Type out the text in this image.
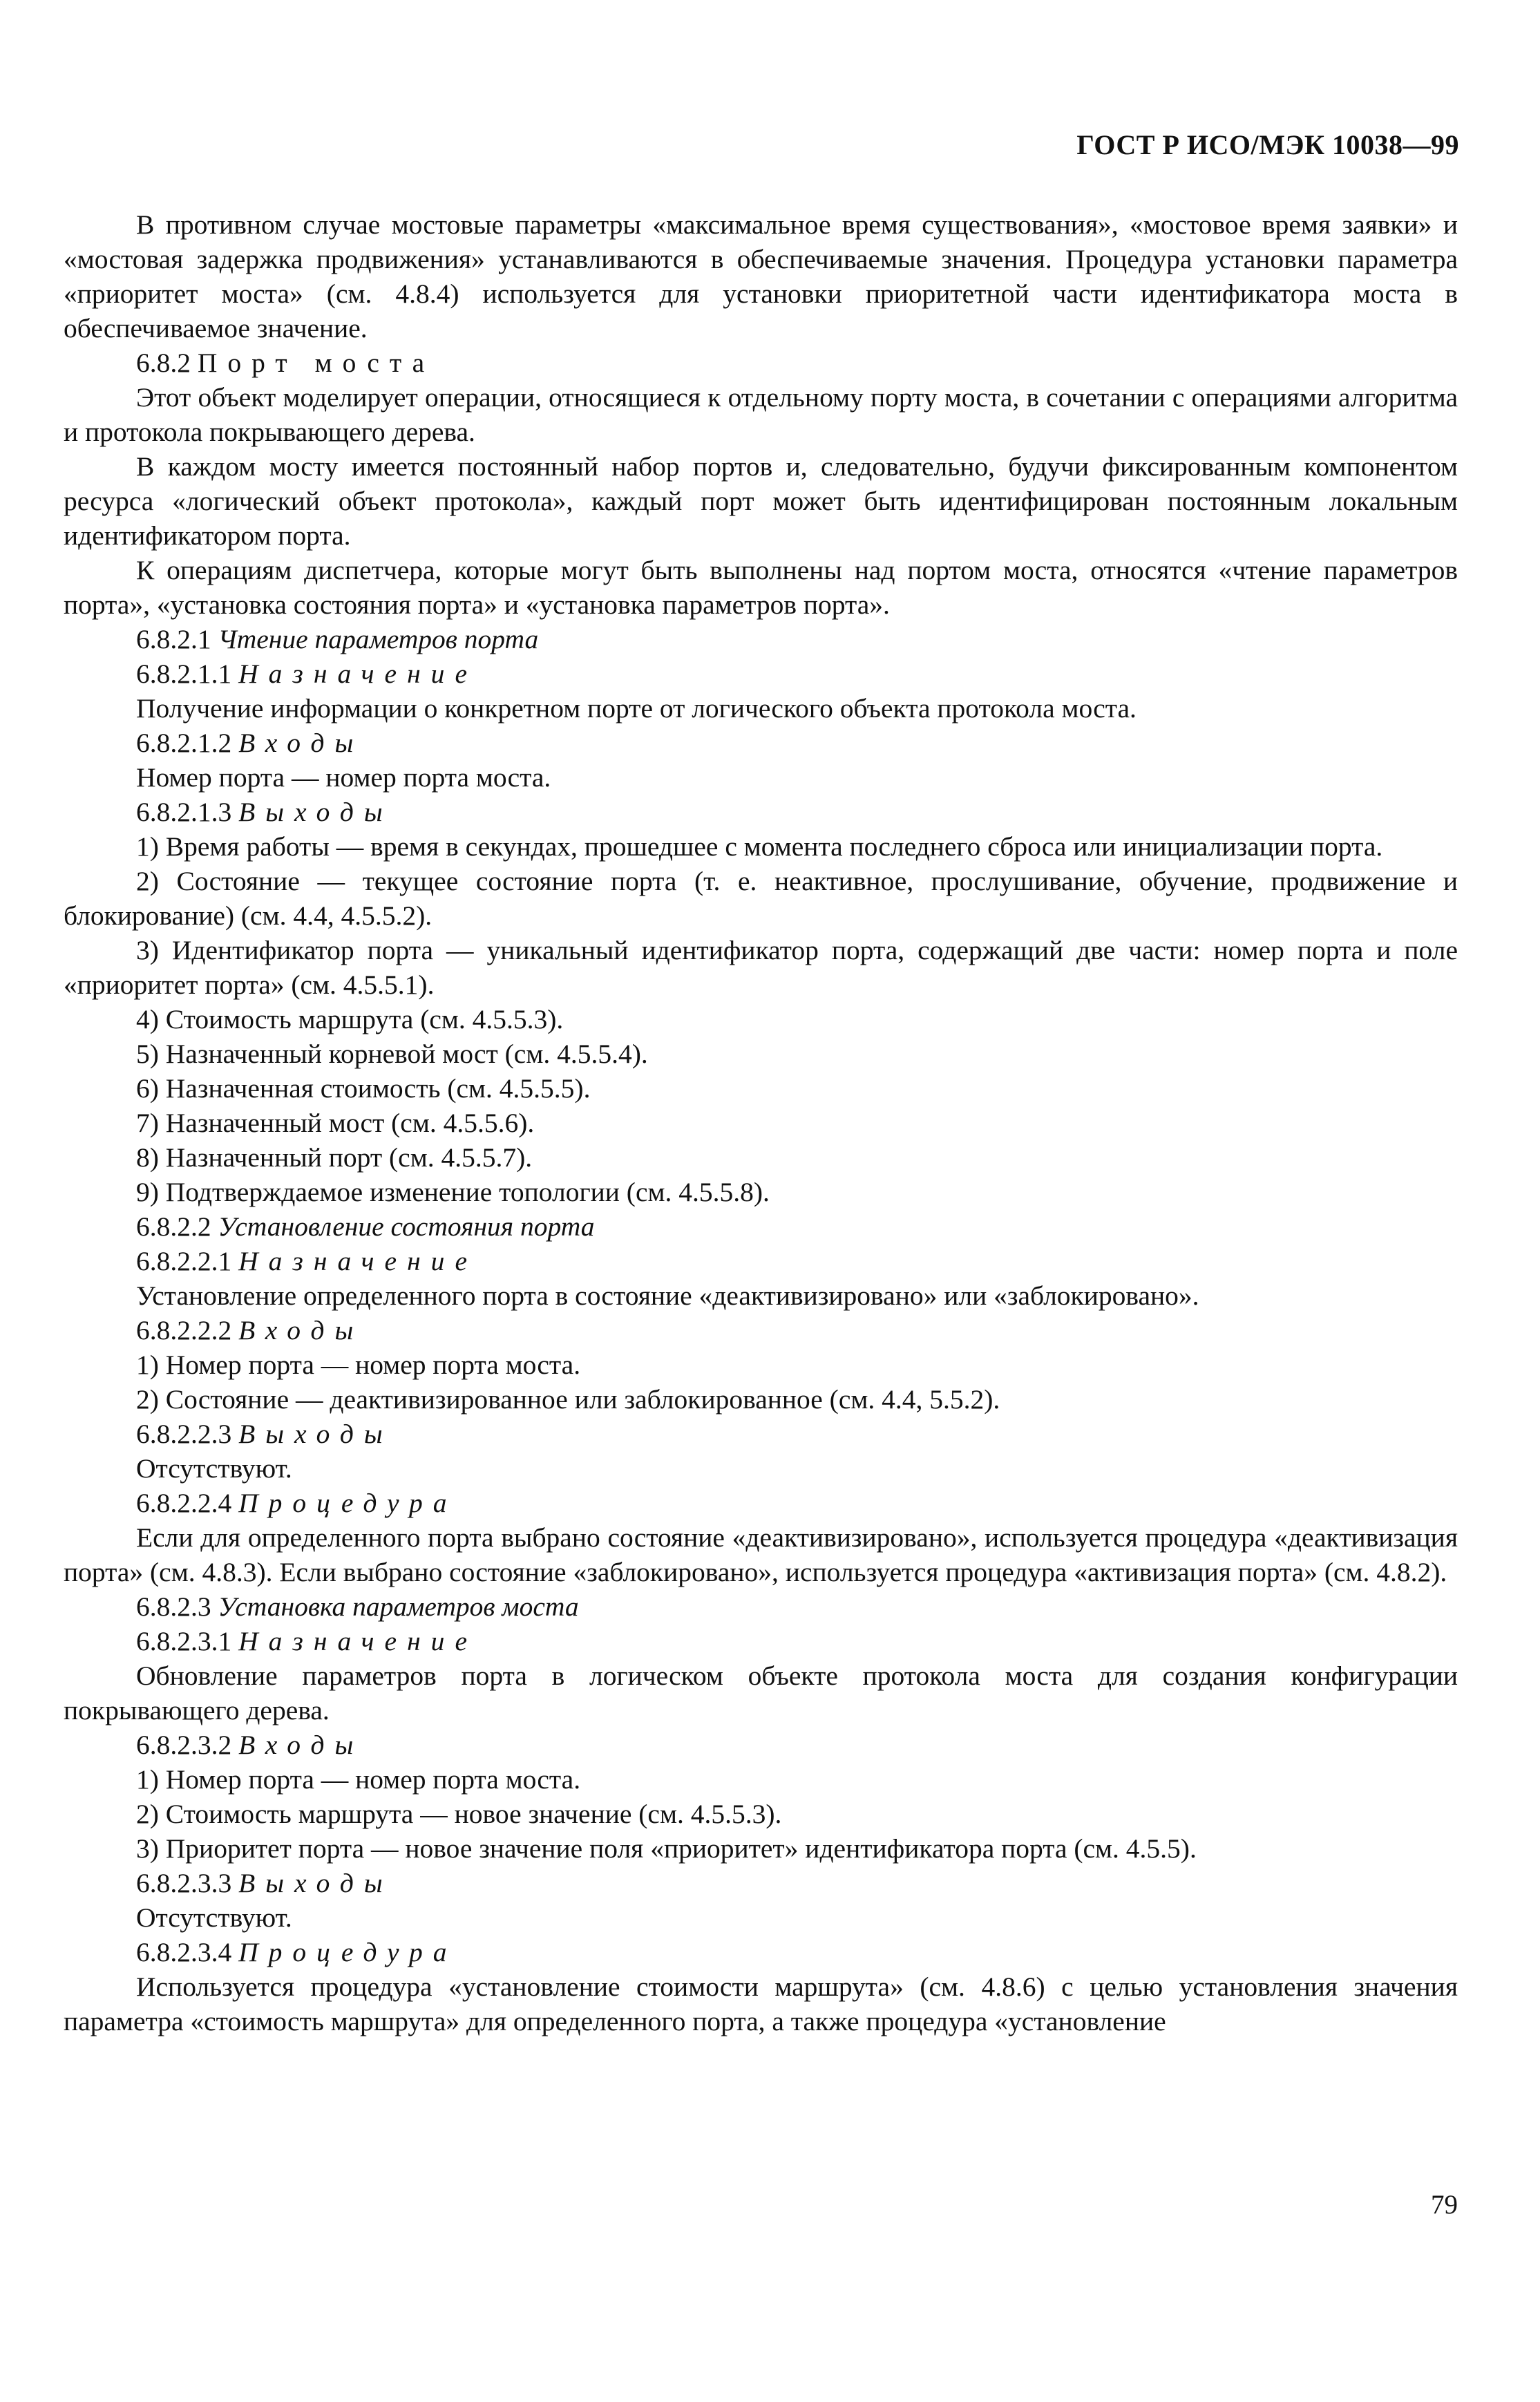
ГОСТ Р ИСО/МЭК 10038—99

В противном случае мостовые параметры «максимальное время существования», «мостовое время заявки» и «мостовая задержка продвижения» устанавливаются в обеспечиваемые значения. Процедура установки параметра «приоритет моста» (см. 4.8.4) используется для установки приоритетной части идентификатора моста в обеспечиваемое значение.

6.8.2 Порт моста

Этот объект моделирует операции, относящиеся к отдельному порту моста, в сочетании с операциями алгоритма и протокола покрывающего дерева.

В каждом мосту имеется постоянный набор портов и, следовательно, будучи фиксированным компонентом ресурса «логический объект протокола», каждый порт может быть идентифицирован постоянным локальным идентификатором порта.

К операциям диспетчера, которые могут быть выполнены над портом моста, относятся «чтение параметров порта», «установка состояния порта» и «установка параметров порта».

6.8.2.1 Чтение параметров порта

6.8.2.1.1 Назначение

Получение информации о конкретном порте от логического объекта протокола моста.

6.8.2.1.2 Входы

Номер порта — номер порта моста.

6.8.2.1.3 Выходы

1) Время работы — время в секундах, прошедшее с момента последнего сброса или инициализации порта.

2) Состояние — текущее состояние порта (т. е. неактивное, прослушивание, обучение, продвижение и блокирование) (см. 4.4, 4.5.5.2).

3) Идентификатор порта — уникальный идентификатор порта, содержащий две части: номер порта и поле «приоритет порта» (см. 4.5.5.1).

4) Стоимость маршрута (см. 4.5.5.3).

5) Назначенный корневой мост (см. 4.5.5.4).

6) Назначенная стоимость (см. 4.5.5.5).

7) Назначенный мост (см. 4.5.5.6).

8) Назначенный порт (см. 4.5.5.7).

9) Подтверждаемое изменение топологии (см. 4.5.5.8).

6.8.2.2 Установление состояния порта

6.8.2.2.1 Назначение

Установление определенного порта в состояние «деактивизировано» или «заблокировано».

6.8.2.2.2 Входы

1) Номер порта — номер порта моста.

2) Состояние — деактивизированное или заблокированное (см. 4.4, 5.5.2).

6.8.2.2.3 Выходы

Отсутствуют.

6.8.2.2.4 Процедура

Если для определенного порта выбрано состояние «деактивизировано», используется процедура «деактивизация порта» (см. 4.8.3). Если выбрано состояние «заблокировано», используется процедура «активизация порта» (см. 4.8.2).

6.8.2.3 Установка параметров моста

6.8.2.3.1 Назначение

Обновление параметров порта в логическом объекте протокола моста для создания конфигурации покрывающего дерева.

6.8.2.3.2 Входы

1) Номер порта — номер порта моста.

2) Стоимость маршрута — новое значение (см. 4.5.5.3).

3) Приоритет порта — новое значение поля «приоритет» идентификатора порта (см. 4.5.5).

6.8.2.3.3 Выходы

Отсутствуют.

6.8.2.3.4 Процедура

Используется процедура «установление стоимости маршрута» (см. 4.8.6) с целью установления значения параметра «стоимость маршрута» для определенного порта, а также процедура «установление

79
